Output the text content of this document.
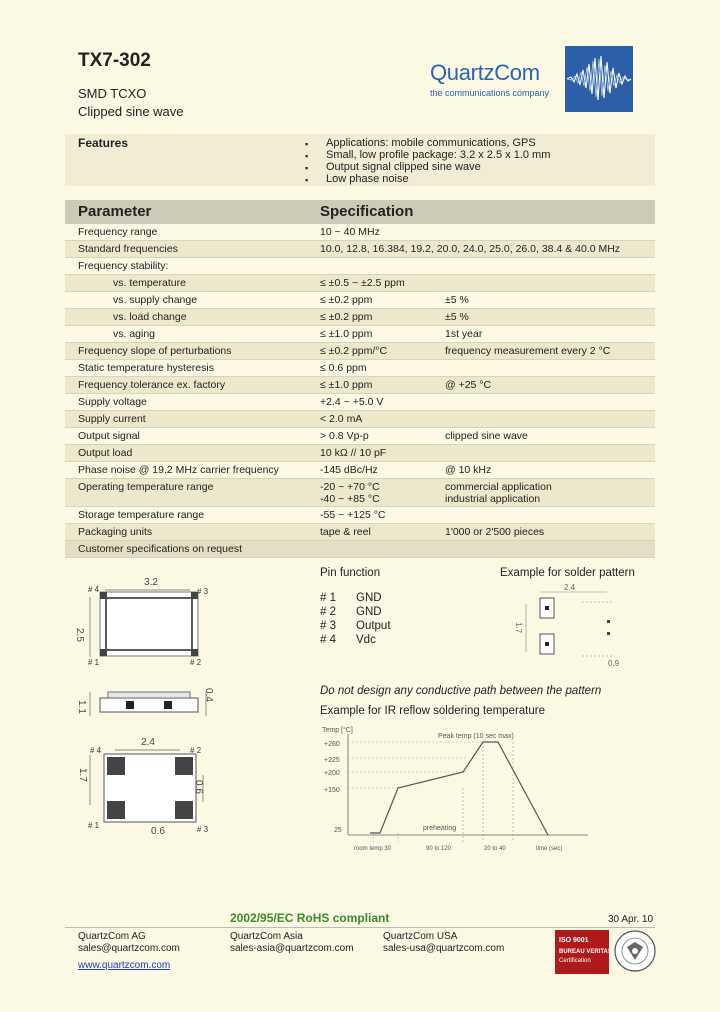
TX7-302
SMD TCXO
Clipped sine wave
QuartzCom
the communications company
Features	▪ Applications: mobile communications, GPS
▪ Small, low profile package: 3.2 x 2.5 x 1.0 mm
▪ Output signal clipped sine wave
▪ Low phase noise
Parameter	Specification
Frequency range	10 ~ 40 MHz
Standard frequencies	10.0, 12.8, 16.384, 19.2, 20.0, 24.0, 25.0, 26.0, 38.4 & 40.0 MHz
Frequency stability:
vs. temperature	≤ ±0.5 ~ ±2.5 ppm
vs. supply change	≤ ±0.2 ppm	±5 %
vs. load change	≤ ±0.2 ppm	±5 %
vs. aging	≤ ±1.0 ppm	1st year
Frequency slope of perturbations	≤ ±0.2 ppm/°C	frequency measurement every 2 °C
Static temperature hysteresis	≤ 0.6 ppm
Frequency tolerance ex. factory	≤ ±1.0 ppm	@ +25 °C
Supply voltage	+2.4 ~ +5.0 V
Supply current	< 2.0 mA
Output signal	> 0.8 Vp-p	clipped sine wave
Output load	10 kΩ // 10 pF
Phase noise @ 19.2 MHz carrier frequency	-145 dBc/Hz	@ 10 kHz
Operating temperature range	-20 ~ +70 °C	commercial application
-40 ~ +85 °C	industrial application
Storage temperature range	-55 ~ +125 °C
Packaging units	tape & reel	1'000 or 2'500 pieces
Customer specifications on request
3.2
2.5
# 4	# 3
# 1	# 2
1.1
0.4
2.4
1.7
0.6
0.6
# 4	# 2
# 1	# 3
Pin function
# 1 GND
# 2 GND
# 3 Output
# 4 Vdc
Example for solder pattern
2.4
1.7
0.9
Do not design any conductive path between the pattern
Example for IR reflow soldering temperature
Temp [°C]
+260
+225
+200
+150
25
Peak temp (10 sec max)
preheating
room temp 30	90 to 120	20 to 40	time (sec)
2002/95/EC RoHS compliant	30 Apr. 10
QuartzCom AG
sales@quartzcom.com
QuartzCom Asia
sales-asia@quartzcom.com
QuartzCom USA
sales-usa@quartzcom.com
www.quartzcom.com
ISO 9001
BUREAU VERITAS
Certification
